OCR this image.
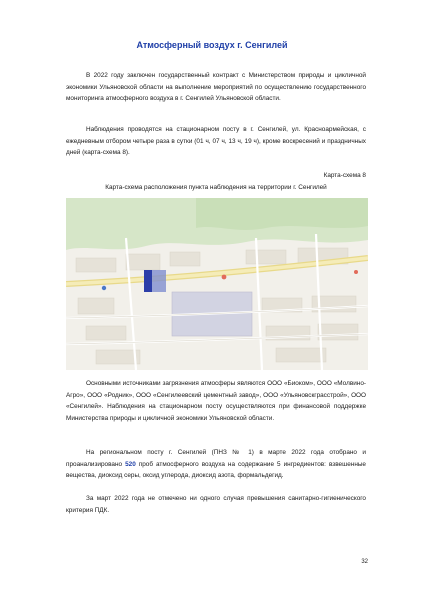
Атмосферный воздух г. Сенгилей

В 2022 году заключен государственный контракт с Министерством природы и цикличной экономики Ульяновской области на выполнение мероприятий по осуществлению государственного мониторинга атмосферного воздуха в г. Сенгилей Ульяновской области.

Наблюдения проводятся на стационарном посту в г. Сенгилей, ул. Красноармейская, с ежедневным отбором четыре раза в сутки (01 ч, 07 ч, 13 ч, 19 ч), кроме воскресений и праздничных дней (карта-схема 8).

Карта-схема 8
Карта-схема расположения пункта наблюдения на территории г. Сенгилей

Основными источниками загрязнения атмосферы являются ООО «Биоком», ООО «Молвино-Агро», ООО «Родник», ООО «Сенгилеевский цементный завод», ООО «Ульяновскграсстрой», ООО «Сенгилей». Наблюдения на стационарном посту осуществляются при финансовой поддержке Министерства природы и цикличной экономики Ульяновской области.

На региональном посту г. Сенгилей (ПНЗ № 1) в марте 2022 года отобрано и проанализировано 520 проб атмосферного воздуха на содержание 5 ингредиентов: взвешенные вещества, диоксид серы, оксид углерода, диоксид азота, формальдегид.

За март 2022 года не отмечено ни одного случая превышения санитарно-гигиенического критерия ПДК.

32
